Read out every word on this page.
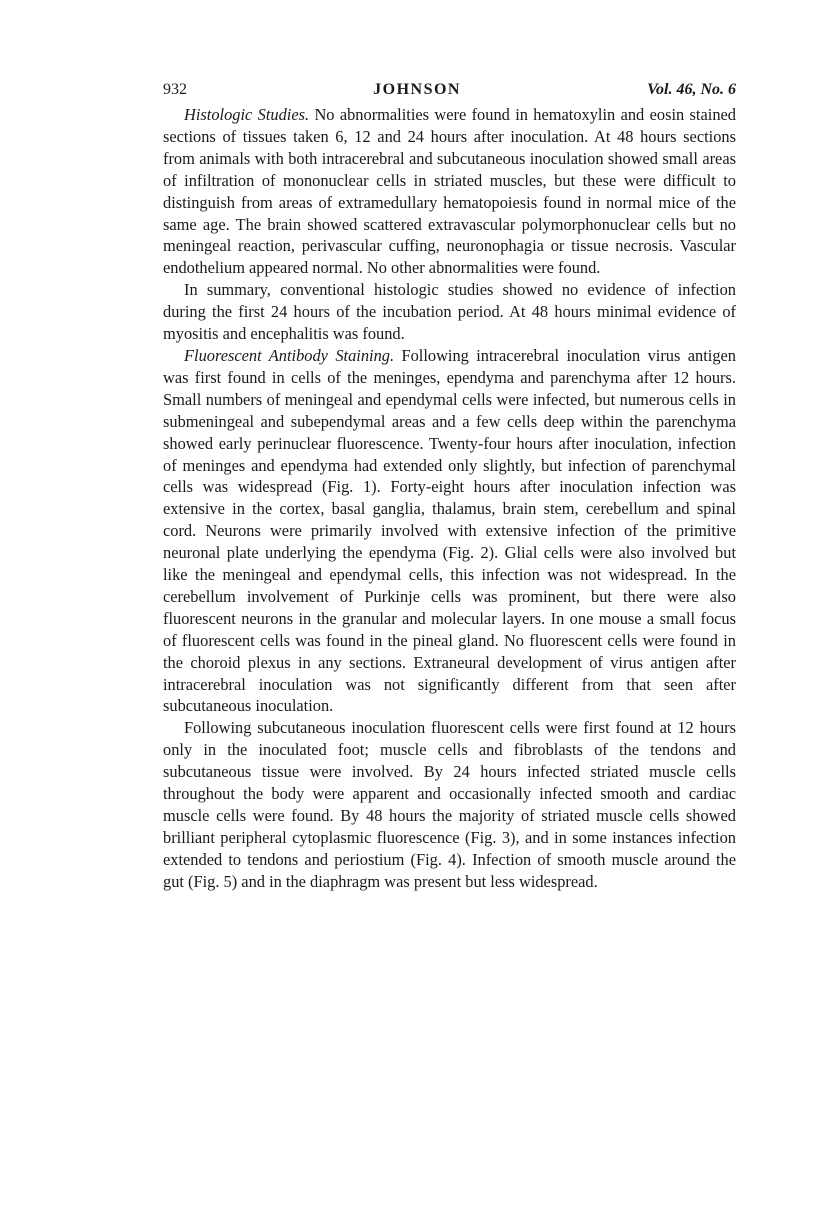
932	JOHNSON	Vol. 46, No. 6

Histologic Studies. No abnormalities were found in hematoxylin and eosin stained sections of tissues taken 6, 12 and 24 hours after inoculation. At 48 hours sections from animals with both intracerebral and subcutaneous inoculation showed small areas of infiltration of mononuclear cells in striated muscles, but these were difficult to distinguish from areas of extramedullary hematopoiesis found in normal mice of the same age. The brain showed scattered extravascular polymorphonuclear cells but no meningeal reaction, perivascular cuffing, neuronophagia or tissue necrosis. Vascular endothelium appeared normal. No other abnormalities were found.

In summary, conventional histologic studies showed no evidence of infection during the first 24 hours of the incubation period. At 48 hours minimal evidence of myositis and encephalitis was found.

Fluorescent Antibody Staining. Following intracerebral inoculation virus antigen was first found in cells of the meninges, ependyma and parenchyma after 12 hours. Small numbers of meningeal and ependymal cells were infected, but numerous cells in submeningeal and subependymal areas and a few cells deep within the parenchyma showed early perinuclear fluorescence. Twenty-four hours after inoculation, infection of meninges and ependyma had extended only slightly, but infection of parenchymal cells was widespread (Fig. 1). Forty-eight hours after inoculation infection was extensive in the cortex, basal ganglia, thalamus, brain stem, cerebellum and spinal cord. Neurons were primarily involved with extensive infection of the primitive neuronal plate underlying the ependyma (Fig. 2). Glial cells were also involved but like the meningeal and ependymal cells, this infection was not widespread. In the cerebellum involvement of Purkinje cells was prominent, but there were also fluorescent neurons in the granular and molecular layers. In one mouse a small focus of fluorescent cells was found in the pineal gland. No fluorescent cells were found in the choroid plexus in any sections. Extraneural development of virus antigen after intracerebral inoculation was not significantly different from that seen after subcutaneous inoculation.

Following subcutaneous inoculation fluorescent cells were first found at 12 hours only in the inoculated foot; muscle cells and fibroblasts of the tendons and subcutaneous tissue were involved. By 24 hours infected striated muscle cells throughout the body were apparent and occasionally infected smooth and cardiac muscle cells were found. By 48 hours the majority of striated muscle cells showed brilliant peripheral cytoplasmic fluorescence (Fig. 3), and in some instances infection extended to tendons and periostium (Fig. 4). Infection of smooth muscle around the gut (Fig. 5) and in the diaphragm was present but less widespread.
